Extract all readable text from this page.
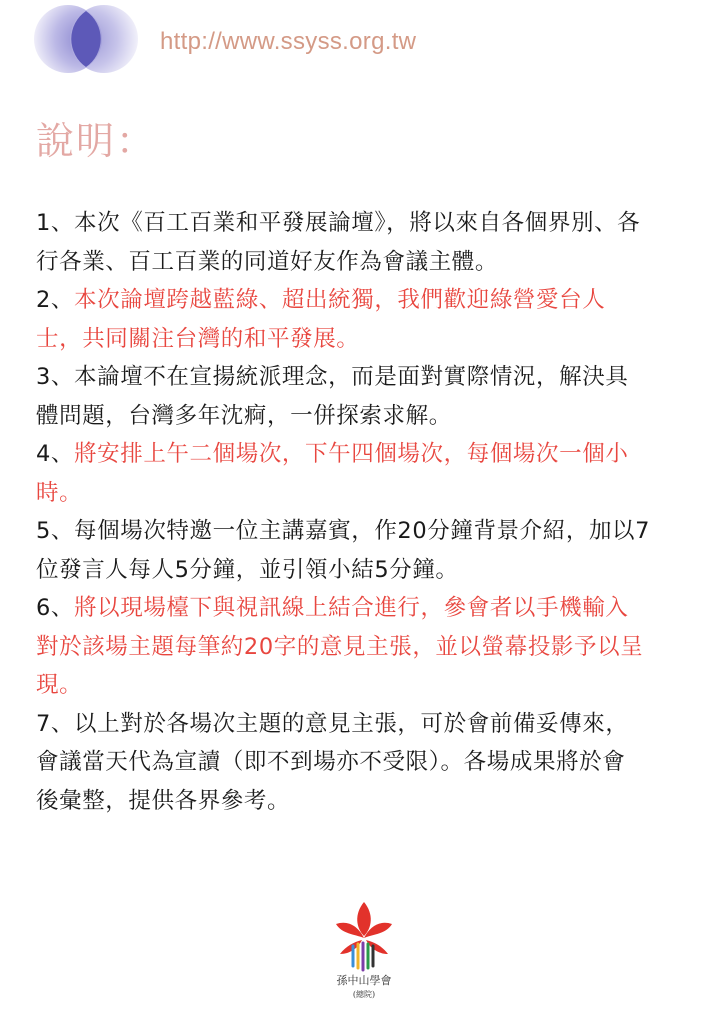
http://www.ssyss.org.tw
說明：
1、本次《百工百業和平發展論壇》，將以來自各個界別、各
行各業、百工百業的同道好友作為會議主體。
2、本次論壇跨越藍綠、超出統獨，我們歡迎綠營愛台人
士，共同關注台灣的和平發展。
3、本論壇不在宣揚統派理念，而是面對實際情況，解決具
體問題，台灣多年沈痾，一併探索求解。
4、將安排上午二個場次，下午四個場次，每個場次一個小
時。
5、每個場次特邀一位主講嘉賓，作20分鐘背景介紹，加以7
位發言人每人5分鐘，並引領小結5分鐘。
6、將以現場檯下與視訊線上結合進行，參會者以手機輸入
對於該場主題每筆約20字的意見主張，並以螢幕投影予以呈
現。
7、以上對於各場次主題的意見主張，可於會前備妥傳來，
會議當天代為宣讀（即不到場亦不受限）。各場成果將於會
後彙整，提供各界參考。
孫中山學會
(總院)
